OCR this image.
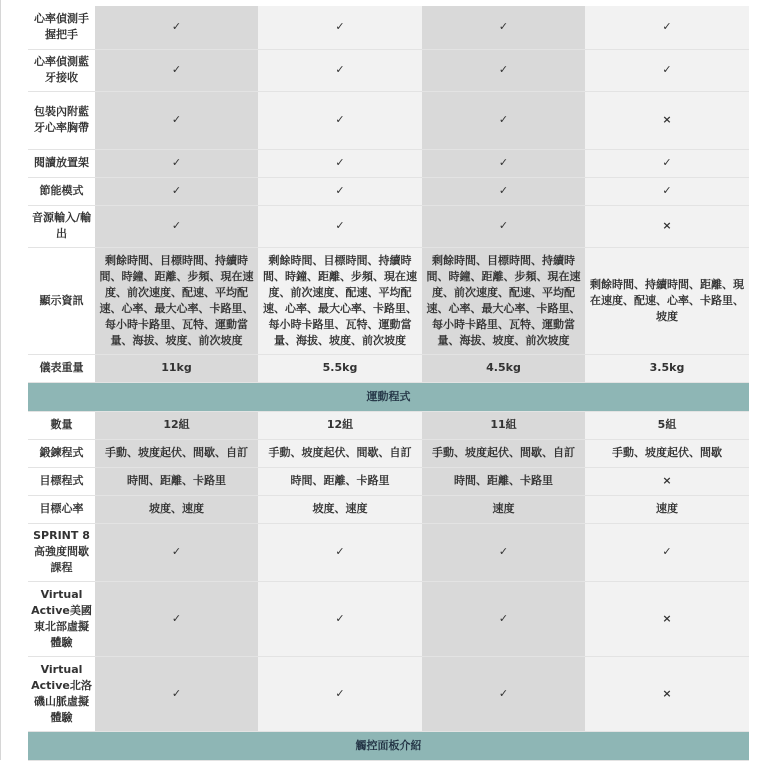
心率偵測手握把手	✓	✓	✓	✓
心率偵測藍牙接收	✓	✓	✓	✓
包裝內附藍牙心率胸帶	✓	✓	✓	×
閱讀放置架	✓	✓	✓	✓
節能模式	✓	✓	✓	✓
音源輸入/輸出	✓	✓	✓	×
顯示資訊	剩餘時間、目標時間、持續時間、時鐘、距離、步頻、現在速度、前次速度、配速、平均配速、心率、最大心率、卡路里、每小時卡路里、瓦特、運動當量、海拔、坡度、前次坡度	剩餘時間、目標時間、持續時間、時鐘、距離、步頻、現在速度、前次速度、配速、平均配速、心率、最大心率、卡路里、每小時卡路里、瓦特、運動當量、海拔、坡度、前次坡度	剩餘時間、目標時間、持續時間、時鐘、距離、步頻、現在速度、前次速度、配速、平均配速、心率、最大心率、卡路里、每小時卡路里、瓦特、運動當量、海拔、坡度、前次坡度	剩餘時間、持續時間、距離、現在速度、配速、心率、卡路里、坡度
儀表重量	11kg	5.5kg	4.5kg	3.5kg
運動程式				
數量	12組	12組	11組	5組
鍛鍊程式	手動、坡度起伏、間歇、自訂	手動、坡度起伏、間歇、自訂	手動、坡度起伏、間歇、自訂	手動、坡度起伏、間歇
目標程式	時間、距離、卡路里	時間、距離、卡路里	時間、距離、卡路里	×
目標心率	坡度、速度	坡度、速度	速度	速度
SPRINT 8高強度間歇課程	✓	✓	✓	✓
Virtual Active美國東北部虛擬體驗	✓	✓	✓	×
Virtual Active北洛磯山脈虛擬體驗	✓	✓	✓	×
觸控面板介紹				
